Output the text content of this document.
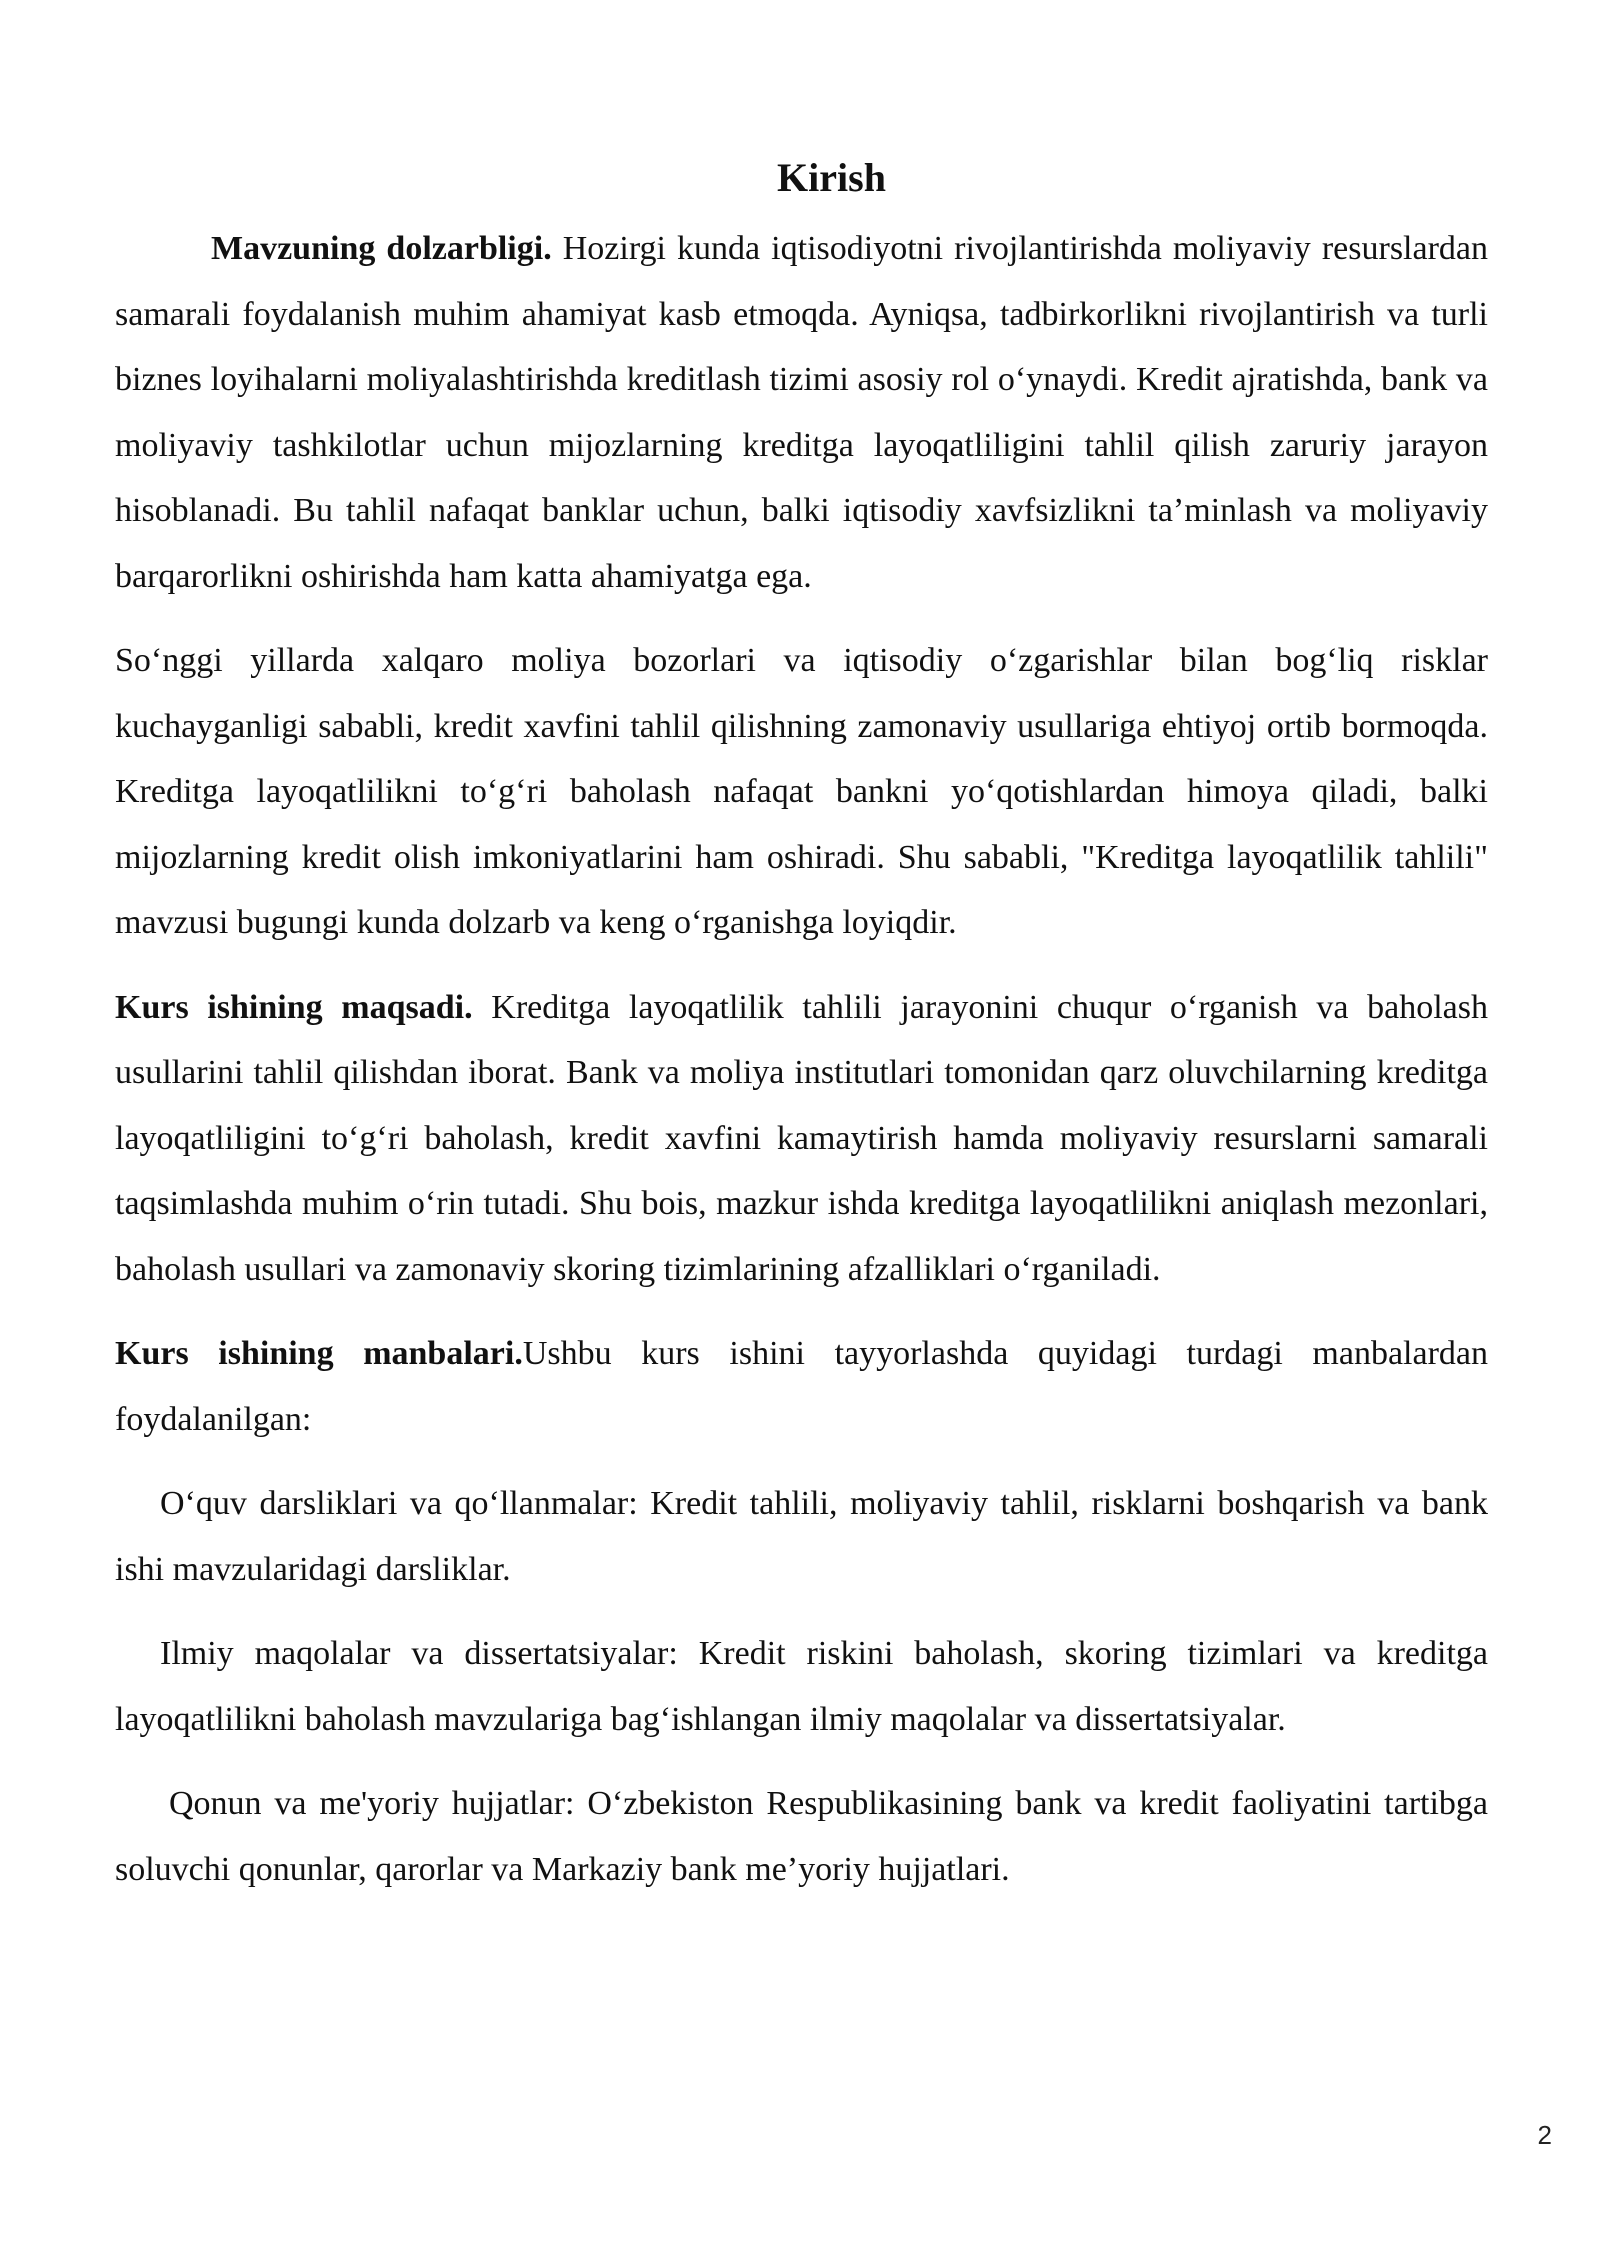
Kirish

Mavzuning dolzarbligi. Hozirgi kunda iqtisodiyotni rivojlantirishda moliyaviy resurslardan samarali foydalanish muhim ahamiyat kasb etmoqda. Ayniqsa, tadbirkorlikni rivojlantirish va turli biznes loyihalarni moliyalashtirishda kreditlash tizimi asosiy rol o‘ynaydi. Kredit ajratishda, bank va moliyaviy tashkilotlar uchun mijozlarning kreditga layoqatliligini tahlil qilish zaruriy jarayon hisoblanadi. Bu tahlil nafaqat banklar uchun, balki iqtisodiy xavfsizlikni ta’minlash va moliyaviy barqarorlikni oshirishda ham katta ahamiyatga ega.

So‘nggi yillarda xalqaro moliya bozorlari va iqtisodiy o‘zgarishlar bilan bog‘liq risklar kuchayganligi sababli, kredit xavfini tahlil qilishning zamonaviy usullariga ehtiyoj ortib bormoqda. Kreditga layoqatlilikni to‘g‘ri baholash nafaqat bankni yo‘qotishlardan himoya qiladi, balki mijozlarning kredit olish imkoniyatlarini ham oshiradi. Shu sababli, "Kreditga layoqatlilik tahlili" mavzusi bugungi kunda dolzarb va keng o‘rganishga loyiqdir.

Kurs ishining maqsadi. Kreditga layoqatlilik tahlili jarayonini chuqur o‘rganish va baholash usullarini tahlil qilishdan iborat. Bank va moliya institutlari tomonidan qarz oluvchilarning kreditga layoqatliligini to‘g‘ri baholash, kredit xavfini kamaytirish hamda moliyaviy resurslarni samarali taqsimlashda muhim o‘rin tutadi. Shu bois, mazkur ishda kreditga layoqatlilikni aniqlash mezonlari, baholash usullari va zamonaviy skoring tizimlarining afzalliklari o‘rganiladi.

Kurs ishining manbalari.Ushbu kurs ishini tayyorlashda quyidagi turdagi manbalardan foydalanilgan:

O‘quv darsliklari va qo‘llanmalar: Kredit tahlili, moliyaviy tahlil, risklarni boshqarish va bank ishi mavzularidagi darsliklar.

Ilmiy maqolalar va dissertatsiyalar: Kredit riskini baholash, skoring tizimlari va kreditga layoqatlilikni baholash mavzulariga bag‘ishlangan ilmiy maqolalar va dissertatsiyalar.

Qonun va me'yoriy hujjatlar: O‘zbekiston Respublikasining bank va kredit faoliyatini tartibga soluvchi qonunlar, qarorlar va Markaziy bank me’yoriy hujjatlari.

2
